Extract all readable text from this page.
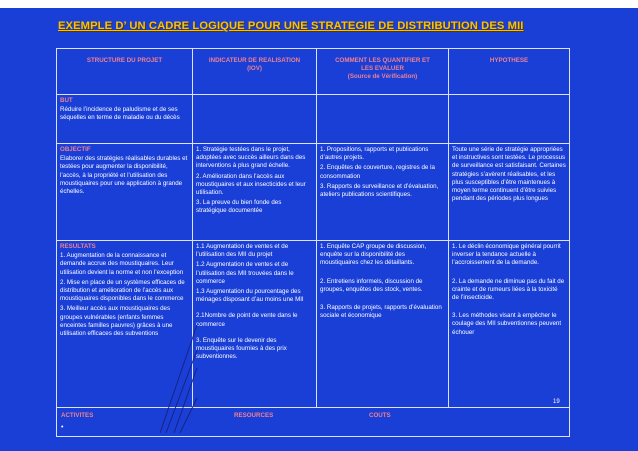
EXEMPLE D’ UN CADRE LOGIQUE POUR UNE STRATEGIE DE DISTRIBUTION DES MII
STRUCTURE DU PROJET	INDICATEUR DE REALISATION (IOV)
COMMENT LES QUANTIFIER ET LES EVALUER
(Source de Vérification)
HYPOTHESE
BUT
Réduire l’incidence de paludisme et de ses séquelles en terme de maladie ou du décès
OBJECTIF
Elaborer des stratégies réalisables durables et testées pour augmenter la disponibilité, l’accès, à la propriété et l’utilisation des moustiquaires pour une application à grande échelles.
1. Stratégie testées dans le projet, adoptées avec succès ailleurs dans des interventions à plus grand échelle.
2. Amélioration dans l’accès aux moustiquaires et aux insecticides et leur utilisation.
3. La preuve du bien fonde des stratégique documentée
1. Propositions, rapports et publications d’autres projets.
2. Enquêtes de couverture, registres de la consommation
3. Rapports de surveillance et d’évaluation, ateliers publications scientifiques.
Toute une série de stratégie appropriées et instructives sont testées. Le processus de surveillance est satisfaisant. Certaines stratégies s’avèrent réalisables, et les plus susceptibles d’être maintenues à moyen terme continuent d’être suivies pendant des périodes plus longues
RESULTATS
1. Augmentation de la connaissance et demande accrue des moustiquaires. Leur utilisation devient la norme et non l’exception
2. Mise en place de un systèmes efficaces de distribution et amélioration de l’accès aux moustiquaires disponibles dans le commerce
3. Meilleur accès aux moustiquaires des groupes vulnérables (enfants femmes enceintes familles pauvres) grâces à une utilisation efficaces des subventions
1.1 Augmentation de ventes et de l’utilisation des MII du projet
1.2 Augmentation de ventes et de l’utilisation des MII trouvées dans le commerce
1.3 Augmentation du pourcentage des ménages disposant d’au moins une MII
2.1Nombre de point de vente dans le commerce
3. Enquête sur le devenir des moustiquaires fournies à des prix subventionnes.
1. Enquête CAP groupe de discussion, enquête sur la disponibilité des moustiquaires chez les détaillants.
2. Entretiens informels, discussion de groupes, enquêtes des stock, ventes.
3. Rapports de projets, rapports d’évaluation sociale et économique
1. Le déclin économique général pourrit inverser la tendance actuelle à l’accroissement de la demande.
2. La demande ne diminue pas du fait de crainte et de rumeurs liées à la toxicité de l’insecticide.
3. Les méthodes visant à empêcher le coulage des MII subventionnes peuvent échouer
ACTIVITES
•
RESOURCES	COUTS
19
